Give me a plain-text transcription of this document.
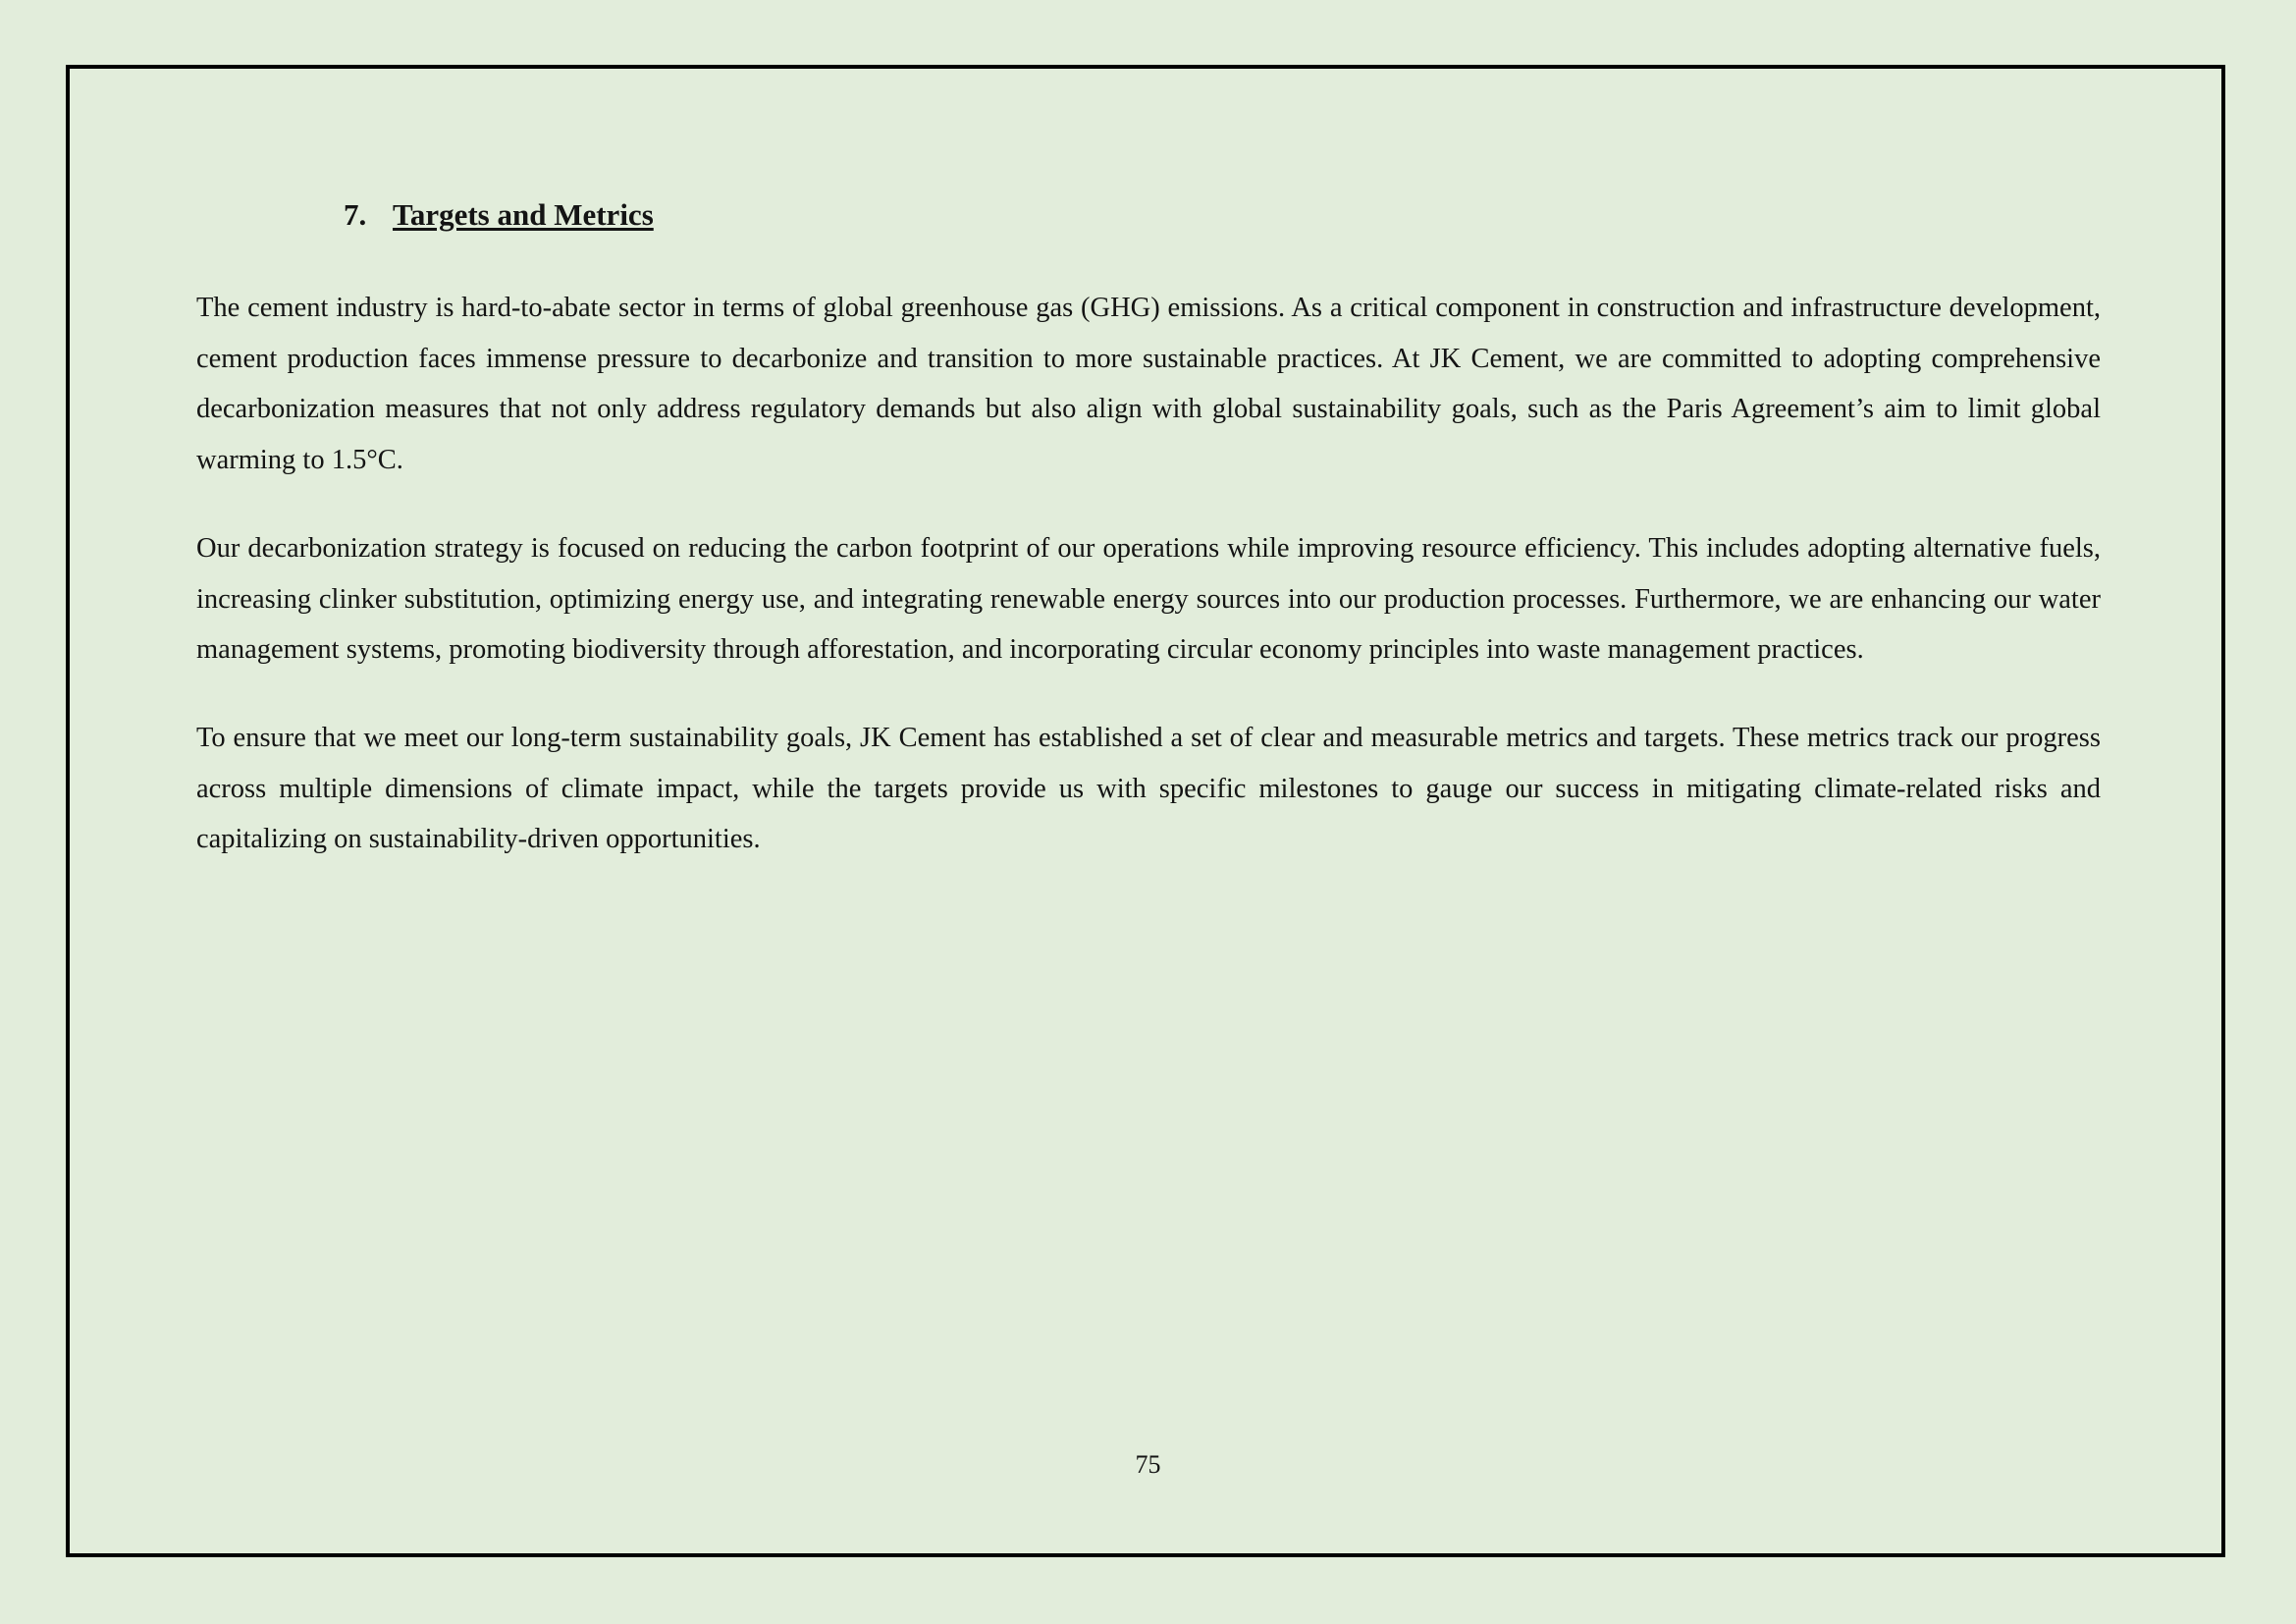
7. Targets and Metrics

The cement industry is hard-to-abate sector in terms of global greenhouse gas (GHG) emissions. As a critical component in construction and infrastructure development, cement production faces immense pressure to decarbonize and transition to more sustainable practices. At JK Cement, we are committed to adopting comprehensive decarbonization measures that not only address regulatory demands but also align with global sustainability goals, such as the Paris Agreement’s aim to limit global warming to 1.5°C.

Our decarbonization strategy is focused on reducing the carbon footprint of our operations while improving resource efficiency. This includes adopting alternative fuels, increasing clinker substitution, optimizing energy use, and integrating renewable energy sources into our production processes. Furthermore, we are enhancing our water management systems, promoting biodiversity through afforestation, and incorporating circular economy principles into waste management practices.

To ensure that we meet our long-term sustainability goals, JK Cement has established a set of clear and measurable metrics and targets. These metrics track our progress across multiple dimensions of climate impact, while the targets provide us with specific milestones to gauge our success in mitigating climate-related risks and capitalizing on sustainability-driven opportunities.

75
